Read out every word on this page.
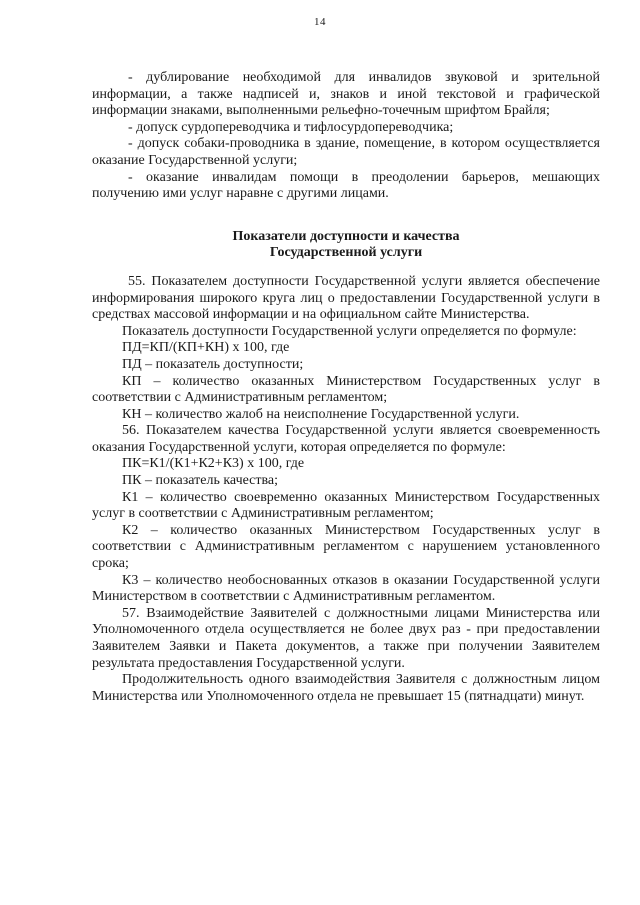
14

- дублирование необходимой для инвалидов звуковой и зрительной информации, а также надписей и, знаков и иной текстовой и графической информации знаками, выполненными рельефно-точечным шрифтом Брайля;

- допуск сурдопереводчика и тифлосурдопереводчика;

- допуск собаки-проводника в здание, помещение, в котором осуществляется оказание Государственной услуги;

- оказание инвалидам помощи в преодолении барьеров, мешающих получению ими услуг наравне с другими лицами.

Показатели доступности и качества
Государственной услуги

55. Показателем доступности Государственной услуги является обеспечение информирования широкого круга лиц о предоставлении Государственной услуги в средствах массовой информации и на официальном сайте Министерства.

Показатель доступности Государственной услуги определяется по формуле:

ПД=КП/(КП+КН) х 100, где

ПД – показатель доступности;

КП – количество оказанных Министерством Государственных услуг в соответствии с Административным регламентом;

КН – количество жалоб на неисполнение Государственной услуги.

56. Показателем качества Государственной услуги является своевременность оказания Государственной услуги, которая определяется по формуле:

ПК=К1/(К1+К2+К3) х 100, где

ПК – показатель качества;

К1 – количество своевременно оказанных Министерством Государственных услуг в соответствии с Административным регламентом;

К2 – количество оказанных Министерством Государственных услуг в соответствии с Административным регламентом с нарушением установленного срока;

К3 – количество необоснованных отказов в оказании Государственной услуги Министерством в соответствии с Административным регламентом.

57. Взаимодействие Заявителей с должностными лицами Министерства или Уполномоченного отдела осуществляется не более двух раз - при предоставлении Заявителем Заявки и Пакета документов, а также при получении Заявителем результата предоставления Государственной услуги.

Продолжительность одного взаимодействия Заявителя с должностным лицом Министерства или Уполномоченного отдела не превышает 15 (пятнадцати) минут.
